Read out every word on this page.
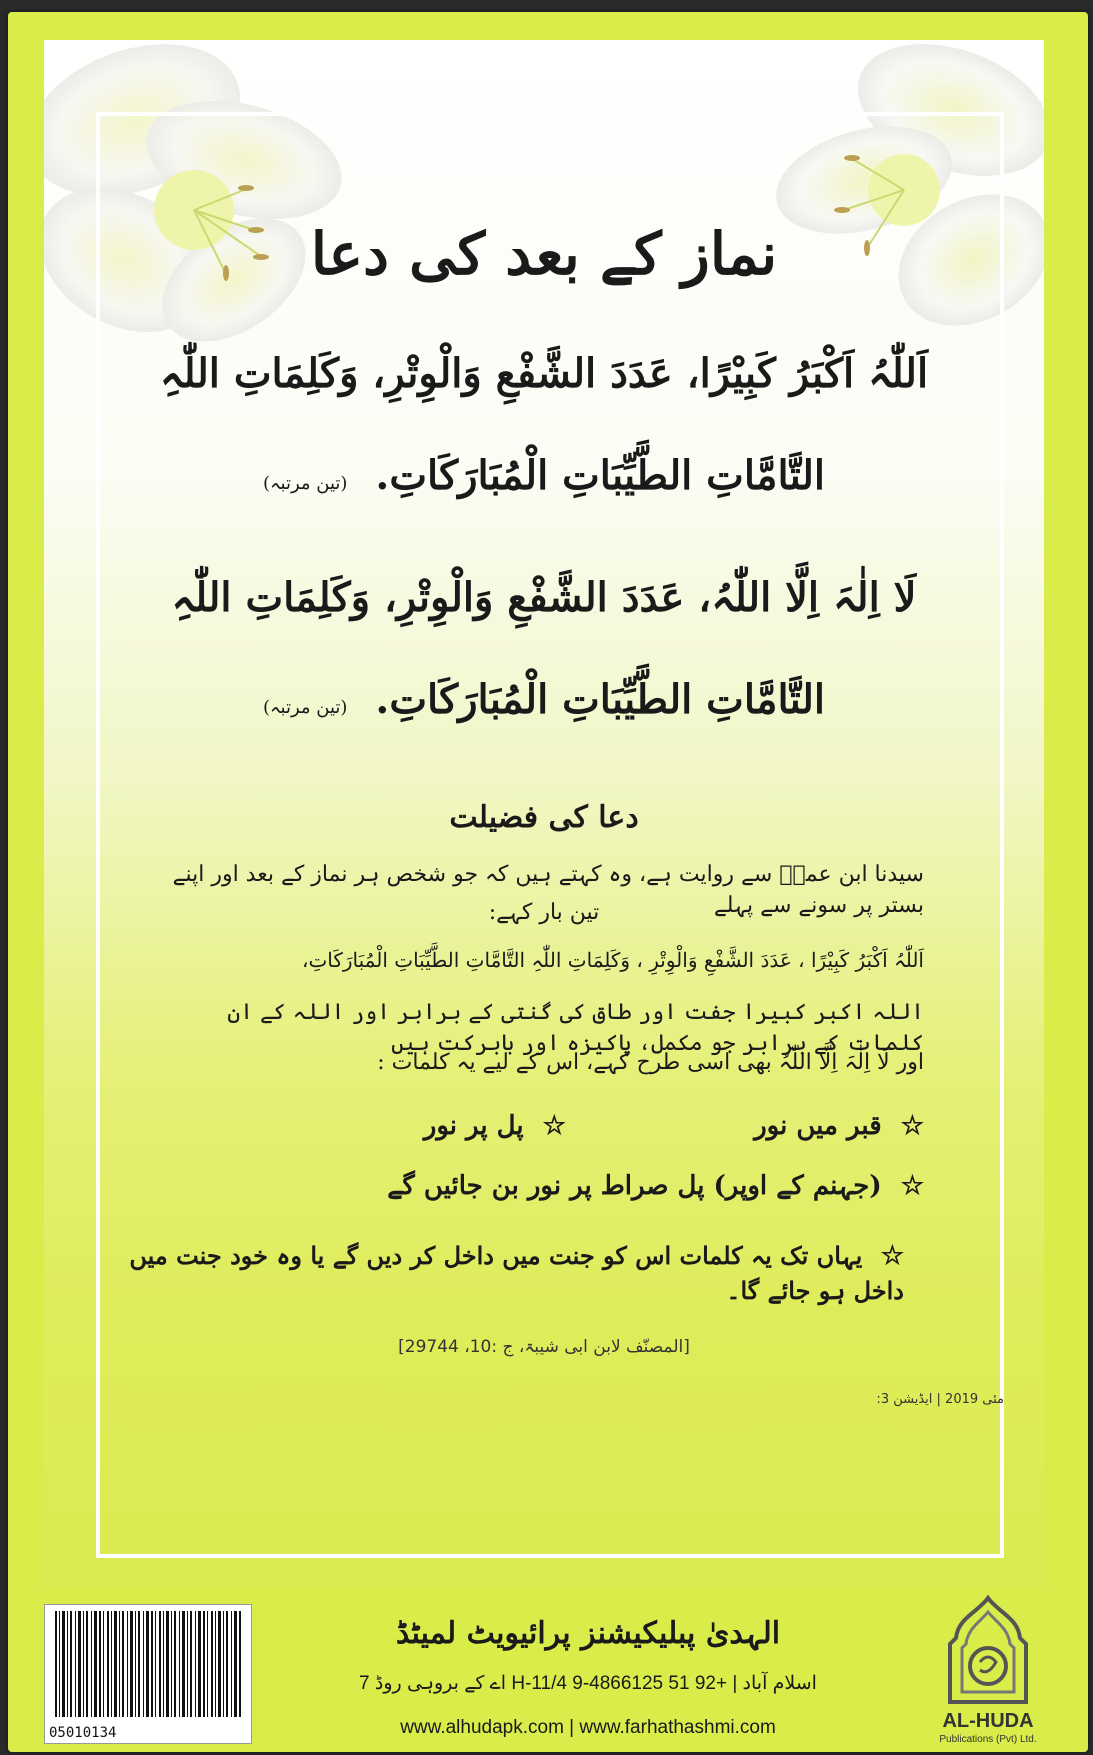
نماز کے بعد کی دعا
اَللّٰہُ اَکْبَرُ کَبِیْرًا، عَدَدَ الشَّفْعِ وَالْوِتْرِ، وَکَلِمَاتِ اللّٰہِ
التَّامَّاتِ الطَّیِّبَاتِ الْمُبَارَکَاتِ. (تین مرتبہ)
لَا اِلٰہَ اِلَّا اللّٰہُ، عَدَدَ الشَّفْعِ وَالْوِتْرِ، وَکَلِمَاتِ اللّٰہِ
التَّامَّاتِ الطَّیِّبَاتِ الْمُبَارَکَاتِ. (تین مرتبہ)
دعا کی فضیلت
سیدنا ابن عمرؓ سے روایت ہے، وہ کہتے ہیں کہ جو شخص ہر نماز کے بعد اور اپنے بستر پر سونے سے پہلے
تین بار کہے:
اَللّٰہُ اَکْبَرُ کَبِیْرًا ، عَدَدَ الشَّفْعِ وَالْوِتْرِ ، وَکَلِمَاتِ اللّٰہِ التَّامَّاتِ الطَّیِّبَاتِ الْمُبَارَکَاتِ،
اللہ اکبر کبیرا جفت اور طاق کی گنتی کے برابر اور اللہ کے ان کلمات کے برابر جو مکمل، پاکیزہ اور بابرکت ہیں
اور لَا اِلٰہَ اِلَّا اللّٰہُ بھی اسی طرح کہے، اس کے لیے یہ کلمات :
☆ قبر میں نور  ☆ پل پر نور
☆ (جہنم کے اوپر) پل صراط پر نور بن جائیں گے
☆ یہاں تک یہ کلمات اس کو جنت میں داخل کر دیں گے یا وہ خود جنت میں داخل ہو جائے گا۔
[المصنّف لابن ابی شیبۃ، ج :10، 29744]
مئی 2019 | ایڈیشن 3:
05010134
الہدیٰ پبلیکیشنز پرائیویٹ لمیٹڈ
7 اے کے بروہی روڈ H-11/4 اسلام آباد | +92 51 4866125-9
www.alhudapk.com | www.farhathashmi.com	AL-HUDA
Publications (Pvt) Ltd.
